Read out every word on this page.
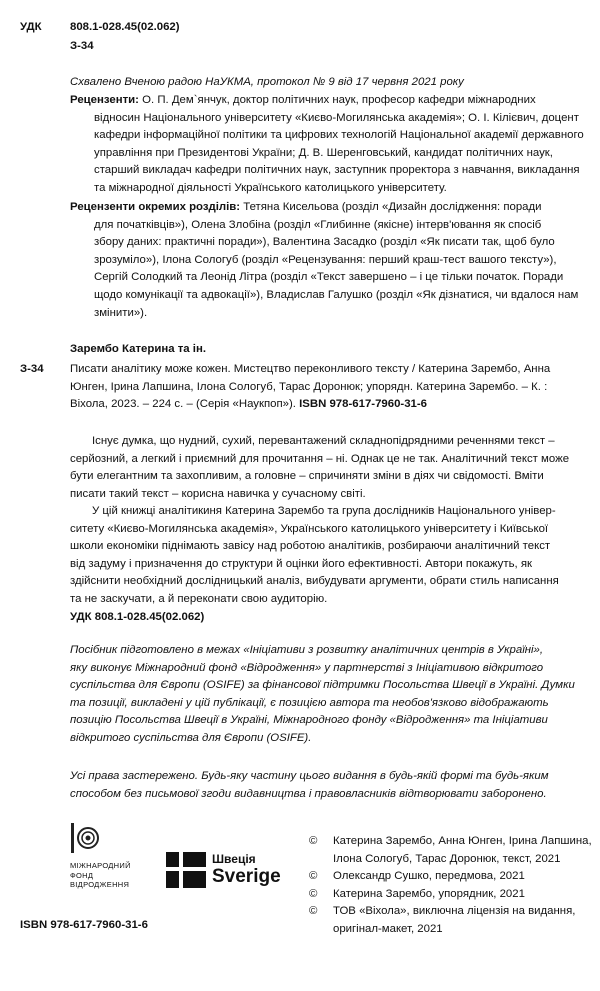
УДК 808.1-028.45(02.062)
З-34
Схвалено Вченою радою НаУКМА, протокол № 9 від 17 червня 2021 року
Рецензенти: О. П. Дем`янчук, доктор політичних наук, професор кафедри міжнародних
відносин Національного університету «Києво-Могилянська академія»; О. І. Кілієвич, доцент
кафедри інформаційної політики та цифрових технологій Національної академії державного
управління при Президентові України; Д. В. Шеренговський, кандидат політичних наук,
старший викладач кафедри політичних наук, заступник проректора з навчання, викладання
та міжнародної діяльності Українського католицького університету.
Рецензенти окремих розділів: Тетяна Кисельова (розділ «Дизайн дослідження: поради
для початківців»), Олена Злобіна (розділ «Глибинне (якісне) інтерв'ювання як спосіб
збору даних: практичні поради»), Валентина Засадко (розділ «Як писати так, щоб було
зрозуміло»), Ілона Сологуб (розділ «Рецензування: перший краш-тест вашого тексту»),
Сергій Солодкий та Леонід Літра (розділ «Текст завершено – і це тільки початок. Поради
щодо комунікації та адвокації»), Владислав Галушко (розділ «Як дізнатися, чи вдалося нам
змінити»).
Зарембо Катерина та ін.
З-34 Писати аналітику може кожен. Мистецтво переконливого тексту / Катерина Зарембо, Анна
Юнген, Ірина Лапшина, Ілона Сологуб, Тарас Доронюк; упорядн. Катерина Зарембо. – К. :
Віхола, 2023. – 224 с. – (Серія «Наукпоп»). ISBN 978-617-7960-31-6
Існує думка, що нудний, сухий, перевантажений складнопідрядними реченнями текст –
серйозний, а легкий і приємний для прочитання – ні. Однак це не так. Аналітичний текст може
бути елегантним та захопливим, а головне – спричиняти зміни в діях чи свідомості. Вміти
писати такий текст – корисна навичка у сучасному світі.
У цій книжці аналітикиня Катерина Зарембо та група дослідників Національного універ-
ситету «Києво-Могилянська академія», Українського католицького університету і Київської
школи економіки піднімають завісу над роботою аналітиків, розбираючи аналітичний текст
від задуму і призначення до структури й оцінки його ефективності. Автори покажуть, як
здійснити необхідний дослідницький аналіз, вибудувати аргументи, обрати стиль написання
та не заскучати, а й переконати свою аудиторію.
УДК 808.1-028.45(02.062)
Посібник підготовлено в межах «Ініціативи з розвитку аналітичних центрів в Україні»,
яку виконує Міжнародний фонд «Відродження» у партнерстві з Ініціативою відкритого
суспільства для Європи (OSIFE) за фінансової підтримки Посольства Швеції в Україні. Думки
та позиції, викладені у цій публікації, є позицією автора та необов'язково відображають
позицію Посольства Швеції в Україні, Міжнародного фонду «Відродження» та Ініціативи
відкритого суспільства для Європи (OSIFE).
Усі права застережено. Будь-яку частину цього видання в будь-якій формі та будь-яким
способом без письмової згоди видавництва і правовласників відтворювати заборонено.
МІЖНАРОДНИЙ
ФОНД
ВІДРОДЖЕННЯ
Швеція
Sverige
©	Катерина Зарембо, Анна Юнген, Ірина Лапшина,
Ілона Сологуб, Тарас Доронюк, текст, 2021
©	Олександр Сушко, передмова, 2021
©	Катерина Зарембо, упорядник, 2021
©	ТОВ «Віхола», виключна ліцензія на видання,
оригінал-макет, 2021
ISBN 978-617-7960-31-6
